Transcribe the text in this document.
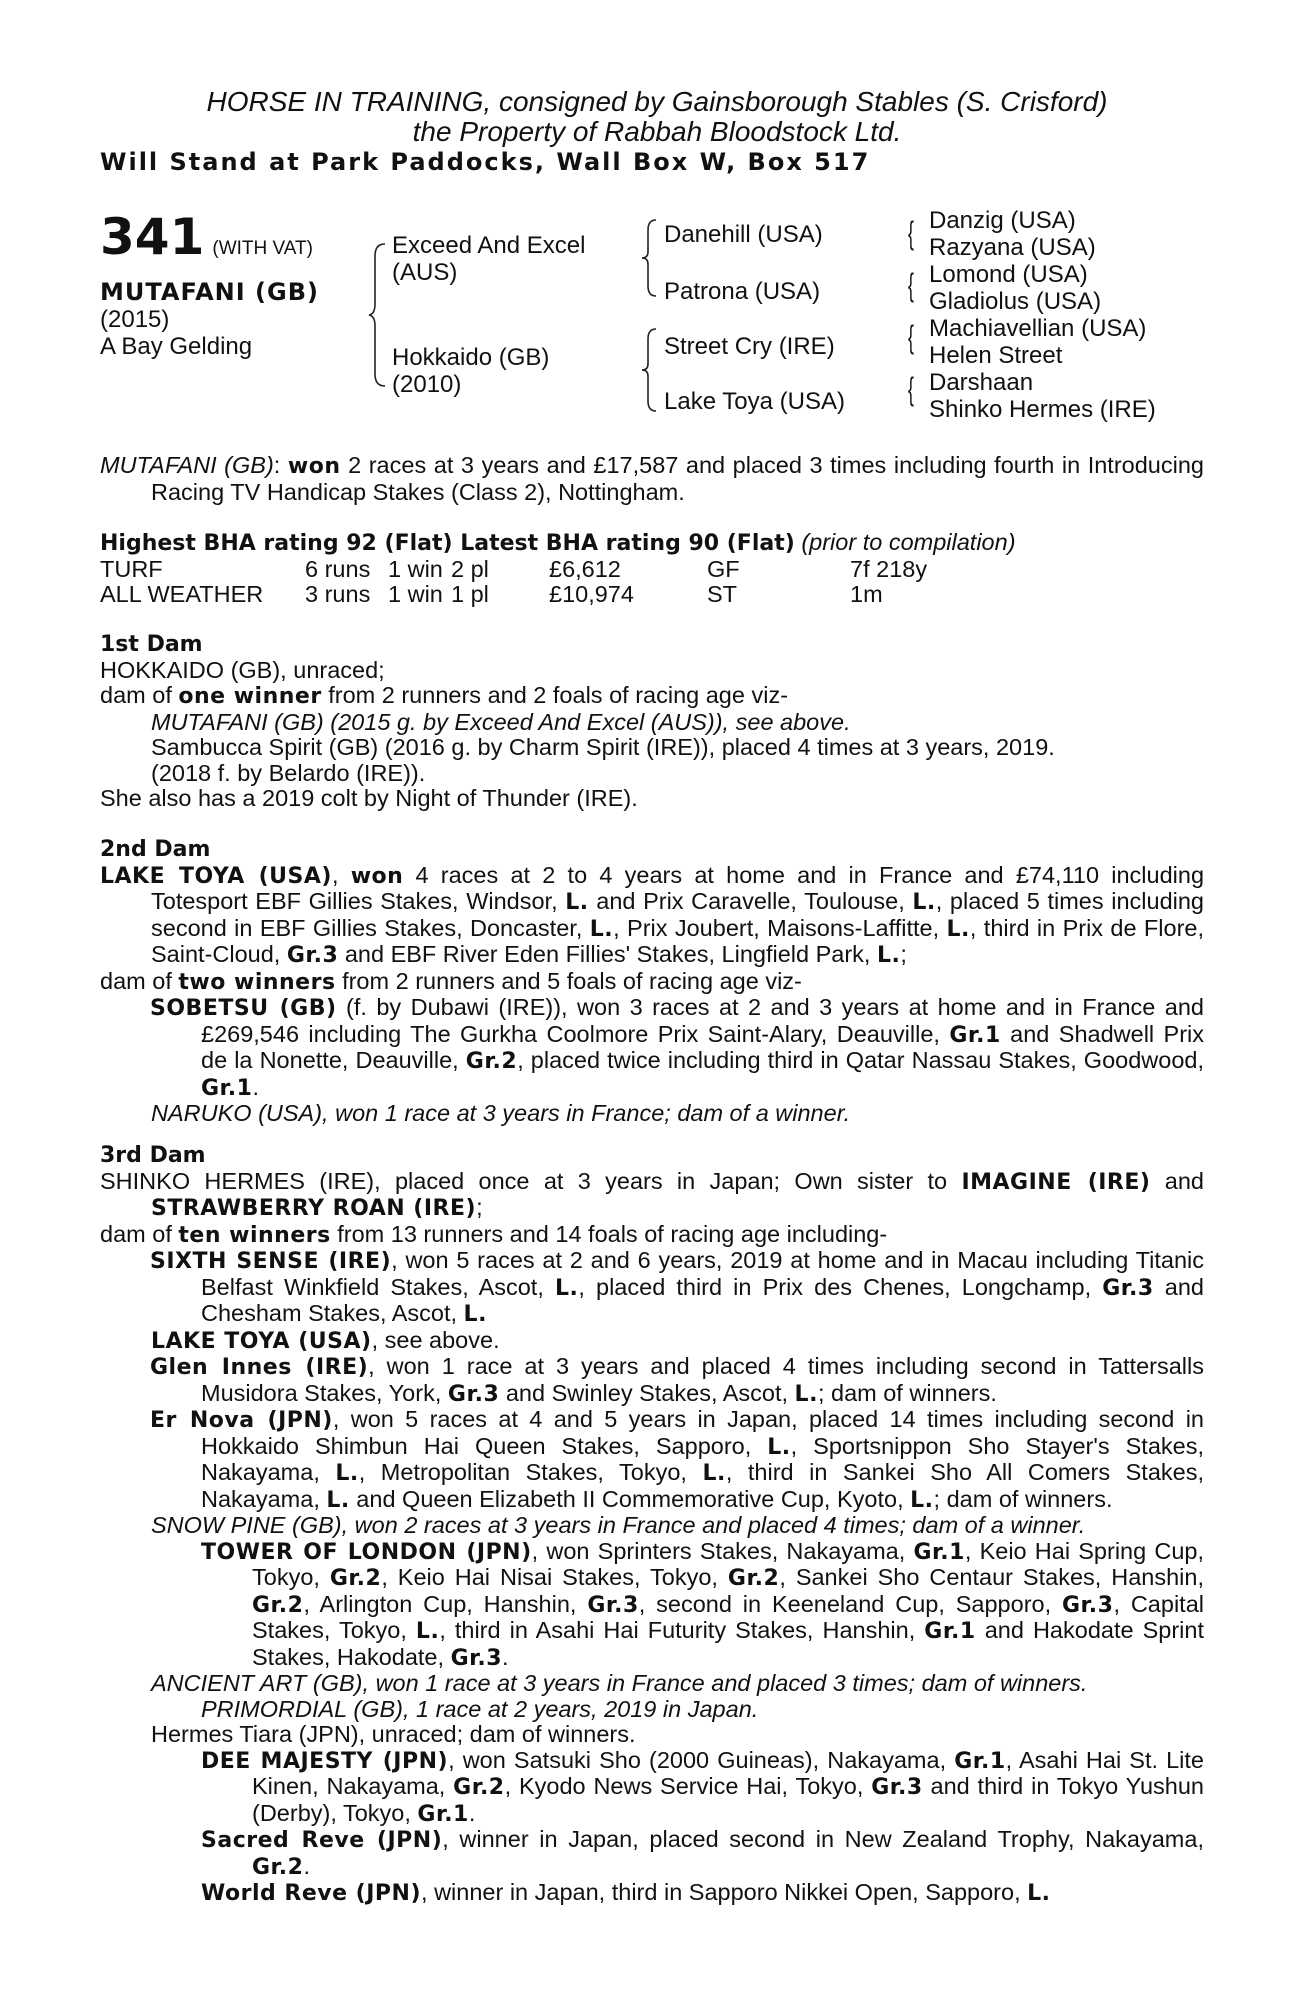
HORSE IN TRAINING, consigned by Gainsborough Stables (S. Crisford)
the Property of Rabbah Bloodstock Ltd.
Will Stand at Park Paddocks, Wall Box W, Box 517
341 (WITH VAT)
MUTAFANI (GB)
(2015)
A Bay Gelding
Exceed And Excel (AUS)
Hokkaido (GB) (2010)
Danehill (USA)
Patrona (USA)
Street Cry (IRE)
Lake Toya (USA)
{
{
{
{
Danzig (USA)
Razyana (USA)
Lomond (USA)
Gladiolus (USA)
Machiavellian (USA)
Helen Street
Darshaan
Shinko Hermes (IRE)

MUTAFANI (GB): won 2 races at 3 years and £17,587 and placed 3 times including fourth in Introducing Racing TV Handicap Stakes (Class 2), Nottingham.

Highest BHA rating 92 (Flat) Latest BHA rating 90 (Flat) (prior to compilation)

TURF	6 runs	1 win	2 pl	£6,612	GF	7f 218y
ALL WEATHER	3 runs	1 win	1 pl	£10,974	ST	1m

1st Dam

HOKKAIDO (GB), unraced;

dam of one winner from 2 runners and 2 foals of racing age viz-

MUTAFANI (GB) (2015 g. by Exceed And Excel (AUS)), see above.

Sambucca Spirit (GB) (2016 g. by Charm Spirit (IRE)), placed 4 times at 3 years, 2019.

(2018 f. by Belardo (IRE)).

She also has a 2019 colt by Night of Thunder (IRE).

2nd Dam

LAKE TOYA (USA), won 4 races at 2 to 4 years at home and in France and £74,110 including Totesport EBF Gillies Stakes, Windsor, L. and Prix Caravelle, Toulouse, L., placed 5 times including second in EBF Gillies Stakes, Doncaster, L., Prix Joubert, Maisons-Laffitte, L., third in Prix de Flore, Saint-Cloud, Gr.3 and EBF River Eden Fillies' Stakes, Lingfield Park, L.;

dam of two winners from 2 runners and 5 foals of racing age viz-

SOBETSU (GB) (f. by Dubawi (IRE)), won 3 races at 2 and 3 years at home and in France and £269,546 including The Gurkha Coolmore Prix Saint-Alary, Deauville, Gr.1 and Shadwell Prix de la Nonette, Deauville, Gr.2, placed twice including third in Qatar Nassau Stakes, Goodwood, Gr.1.

NARUKO (USA), won 1 race at 3 years in France; dam of a winner.

3rd Dam

SHINKO HERMES (IRE), placed once at 3 years in Japan; Own sister to IMAGINE (IRE) and STRAWBERRY ROAN (IRE);

dam of ten winners from 13 runners and 14 foals of racing age including-

SIXTH SENSE (IRE), won 5 races at 2 and 6 years, 2019 at home and in Macau including Titanic Belfast Winkfield Stakes, Ascot, L., placed third in Prix des Chenes, Longchamp, Gr.3 and Chesham Stakes, Ascot, L.

LAKE TOYA (USA), see above.

Glen Innes (IRE), won 1 race at 3 years and placed 4 times including second in Tattersalls Musidora Stakes, York, Gr.3 and Swinley Stakes, Ascot, L.; dam of winners.

Er Nova (JPN), won 5 races at 4 and 5 years in Japan, placed 14 times including second in Hokkaido Shimbun Hai Queen Stakes, Sapporo, L., Sportsnippon Sho Stayer's Stakes, Nakayama, L., Metropolitan Stakes, Tokyo, L., third in Sankei Sho All Comers Stakes, Nakayama, L. and Queen Elizabeth II Commemorative Cup, Kyoto, L.; dam of winners.

SNOW PINE (GB), won 2 races at 3 years in France and placed 4 times; dam of a winner.

TOWER OF LONDON (JPN), won Sprinters Stakes, Nakayama, Gr.1, Keio Hai Spring Cup, Tokyo, Gr.2, Keio Hai Nisai Stakes, Tokyo, Gr.2, Sankei Sho Centaur Stakes, Hanshin, Gr.2, Arlington Cup, Hanshin, Gr.3, second in Keeneland Cup, Sapporo, Gr.3, Capital Stakes, Tokyo, L., third in Asahi Hai Futurity Stakes, Hanshin, Gr.1 and Hakodate Sprint Stakes, Hakodate, Gr.3.

ANCIENT ART (GB), won 1 race at 3 years in France and placed 3 times; dam of winners.

PRIMORDIAL (GB), 1 race at 2 years, 2019 in Japan.

Hermes Tiara (JPN), unraced; dam of winners.

DEE MAJESTY (JPN), won Satsuki Sho (2000 Guineas), Nakayama, Gr.1, Asahi Hai St. Lite Kinen, Nakayama, Gr.2, Kyodo News Service Hai, Tokyo, Gr.3 and third in Tokyo Yushun (Derby), Tokyo, Gr.1.

Sacred Reve (JPN), winner in Japan, placed second in New Zealand Trophy, Nakayama, Gr.2.

World Reve (JPN), winner in Japan, third in Sapporo Nikkei Open, Sapporo, L.
